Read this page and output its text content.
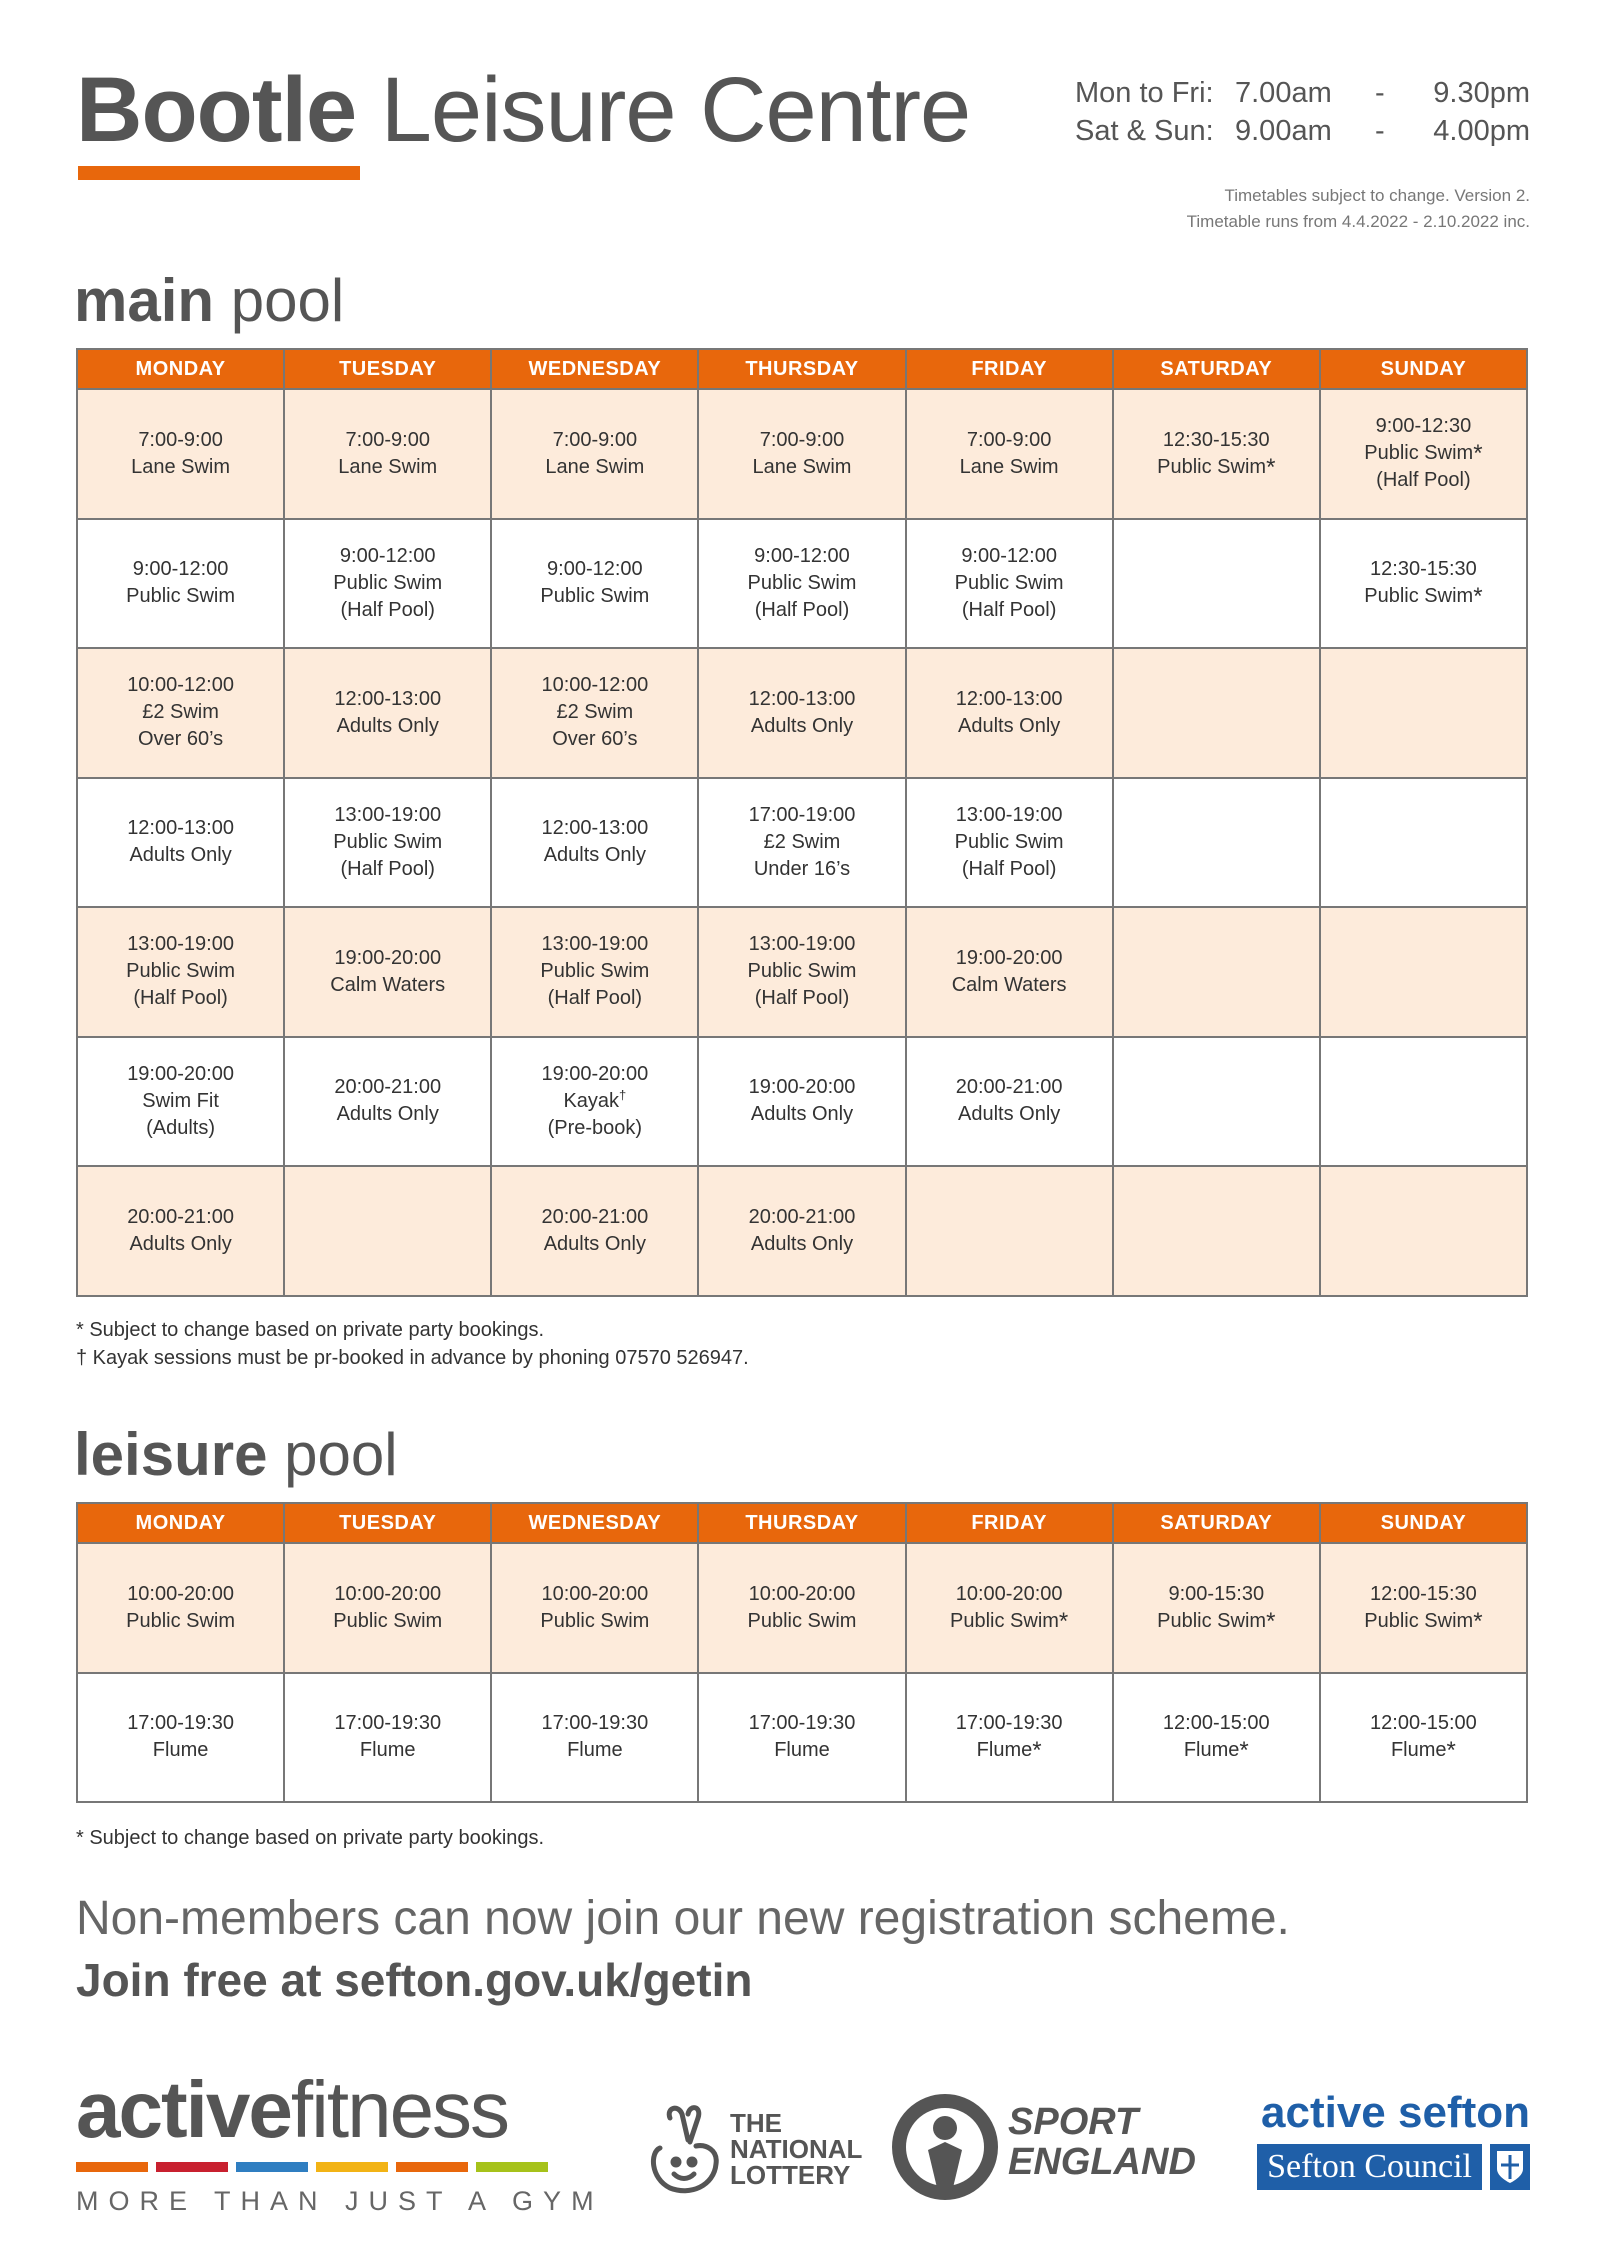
Bootle Leisure Centre	Mon to Fri: 7.00am	-	9.30pm
Sat & Sun: 9.00am	-	4.00pm
Timetables subject to change. Version 2.
Timetable runs from 4.4.2022 - 2.10.2022 inc.
main pool
MONDAY	TUESDAY	WEDNESDAY	THURSDAY	FRIDAY	SATURDAY	SUNDAY

7:00-9:00
Lane Swim	7:00-9:00
Lane Swim	7:00-9:00
Lane Swim	7:00-9:00
Lane Swim	7:00-9:00
Lane Swim	12:30-15:30
Public Swim*	9:00-12:30
Public Swim*
(Half Pool)

9:00-12:00
Public Swim	9:00-12:00
Public Swim
(Half Pool)	9:00-12:00
Public Swim	9:00-12:00
Public Swim
(Half Pool)	9:00-12:00
Public Swim
(Half Pool)		12:30-15:30
Public Swim*

10:00-12:00
£2 Swim
Over 60’s	12:00-13:00
Adults Only	10:00-12:00
£2 Swim
Over 60’s	12:00-13:00
Adults Only	12:00-13:00
Adults Only		

12:00-13:00
Adults Only	13:00-19:00
Public Swim
(Half Pool)	12:00-13:00
Adults Only	17:00-19:00
£2 Swim
Under 16’s	13:00-19:00
Public Swim
(Half Pool)		

13:00-19:00
Public Swim
(Half Pool)	19:00-20:00
Calm Waters	13:00-19:00
Public Swim
(Half Pool)	13:00-19:00
Public Swim
(Half Pool)	19:00-20:00
Calm Waters		

19:00-20:00
Swim Fit
(Adults)	20:00-21:00
Adults Only	19:00-20:00
Kayak†
(Pre-book)	19:00-20:00
Adults Only	20:00-21:00
Adults Only		

20:00-21:00
Adults Only		20:00-21:00
Adults Only	20:00-21:00
Adults Only			

* Subject to change based on private party bookings.
† Kayak sessions must be pr-booked in advance by phoning 07570 526947.
leisure pool
MONDAY	TUESDAY	WEDNESDAY	THURSDAY	FRIDAY	SATURDAY	SUNDAY

10:00-20:00
Public Swim	10:00-20:00
Public Swim	10:00-20:00
Public Swim	10:00-20:00
Public Swim	10:00-20:00
Public Swim*	9:00-15:30
Public Swim*	12:00-15:30
Public Swim*

17:00-19:30
Flume	17:00-19:30
Flume	17:00-19:30
Flume	17:00-19:30
Flume	17:00-19:30
Flume*	12:00-15:00
Flume*	12:00-15:00
Flume*
* Subject to change based on private party bookings.
Non-members can now join our new registration scheme.
Join free at sefton.gov.uk/getin
activefitness
MORE THAN JUST A GYM
THE
NATIONAL
LOTTERY
SPORT
ENGLAND
active sefton
Sefton Council
